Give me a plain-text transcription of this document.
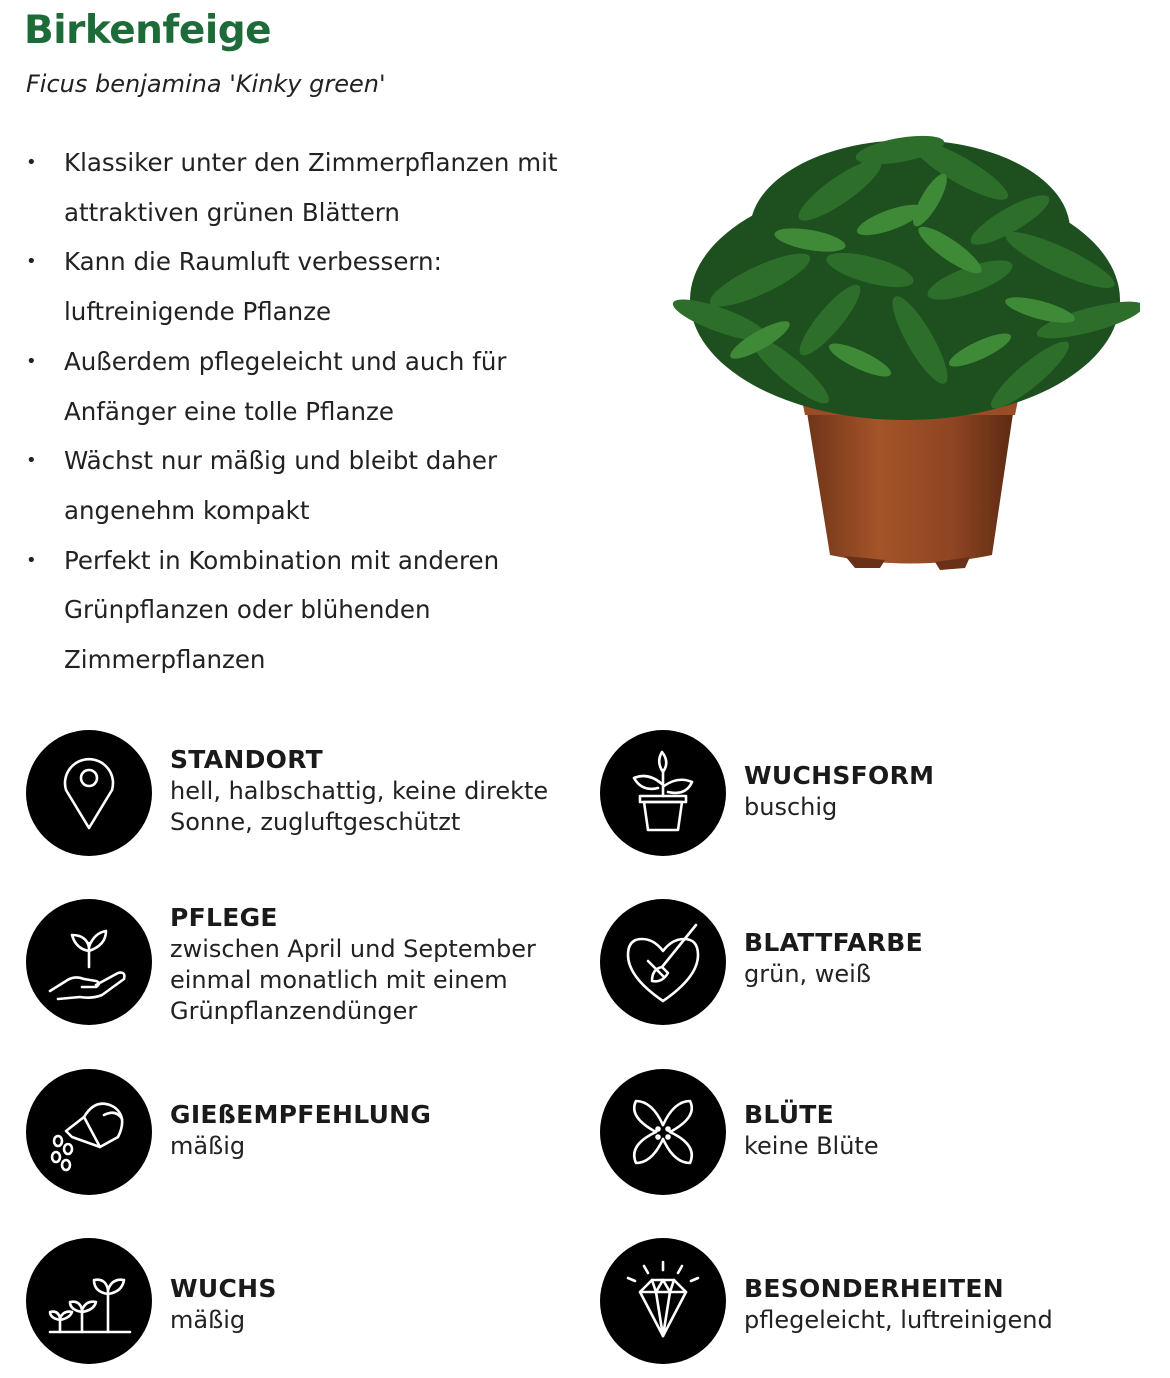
Birkenfeige

Ficus benjamina 'Kinky green'

• Klassiker unter den Zimmerpflanzen mit attraktiven grünen Blättern
• Kann die Raumluft verbessern: luftreinigende Pflanze
• Außerdem pflegeleicht und auch für Anfänger eine tolle Pflanze
• Wächst nur mäßig und bleibt daher angenehm kompakt
• Perfekt in Kombination mit anderen Grünpflanzen oder blühenden Zimmerpflanzen
STANDORT
hell, halbschattig, keine direkte Sonne, zugluftgeschützt
PFLEGE
zwischen April und September einmal monatlich mit einem Grünpflanzendünger
GIEßEMPFEHLUNG
mäßig
WUCHS
mäßig
WUCHSFORM
buschig
BLATTFARBE
grün, weiß
BLÜTE
keine Blüte
BESONDERHEITEN
pflegeleicht, luftreinigend
